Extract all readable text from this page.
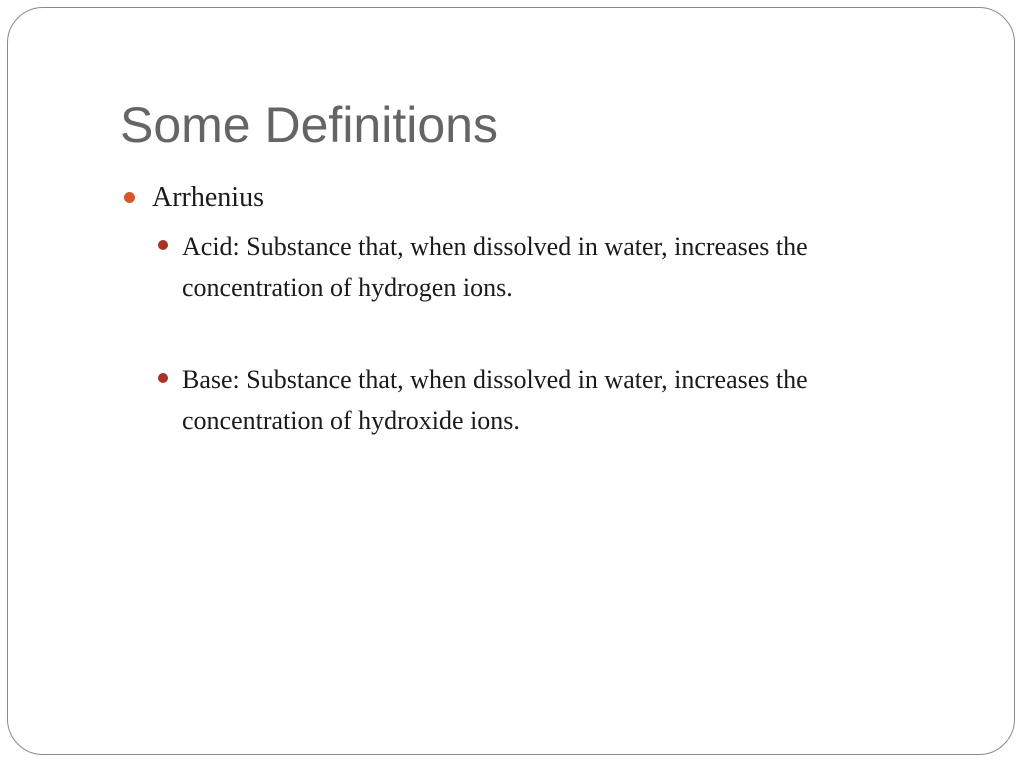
Some Definitions
Arrhenius
Acid: Substance that, when dissolved in water, increases the concentration of hydrogen ions.
Base: Substance that, when dissolved in water, increases the concentration of hydroxide ions.
